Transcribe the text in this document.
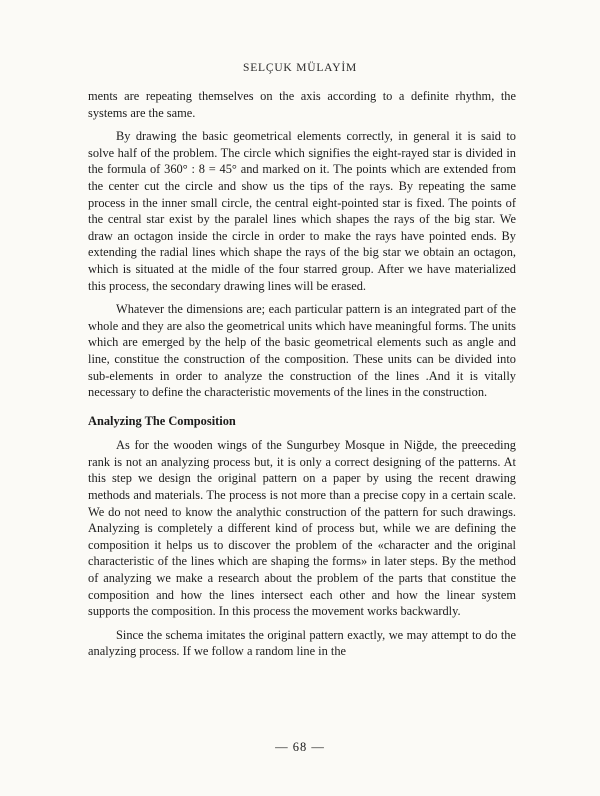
SELÇUK MÜLAYİM

ments are repeating themselves on the axis according to a definite rhythm, the systems are the same.

By drawing the basic geometrical elements correctly, in general it is said to solve half of the problem. The circle which signifies the eight-rayed star is divided in the formula of 360° : 8 = 45° and marked on it. The points which are extended from the center cut the circle and show us the tips of the rays. By repeating the same process in the inner small circle, the central eight-pointed star is fixed. The points of the central star exist by the paralel lines which shapes the rays of the big star. We draw an octagon inside the circle in order to make the rays have pointed ends. By extending the radial lines which shape the rays of the big star we obtain an octagon, which is situated at the midle of the four starred group. After we have materialized this process, the secondary drawing lines will be erased.

Whatever the dimensions are; each particular pattern is an integrated part of the whole and they are also the geometrical units which have meaningful forms. The units which are emerged by the help of the basic geometrical elements such as angle and line, constitue the construction of the composition. These units can be divided into sub-elements in order to analyze the construction of the lines .And it is vitally necessary to define the characteristic movements of the lines in the construction.

Analyzing The Composition

As for the wooden wings of the Sungurbey Mosque in Niğde, the preeceding rank is not an analyzing process but, it is only a correct designing of the patterns. At this step we design the original pattern on a paper by using the recent drawing methods and materials. The process is not more than a precise copy in a certain scale. We do not need to know the analythic construction of the pattern for such drawings. Analyzing is completely a different kind of process but, while we are defining the composition it helps us to discover the problem of the «character and the original characteristic of the lines which are shaping the forms» in later steps. By the method of analyzing we make a research about the problem of the parts that constitue the composition and how the lines intersect each other and how the linear system supports the composition. In this process the movement works backwardly.

Since the schema imitates the original pattern exactly, we may attempt to do the analyzing process. If we follow a random line in the

— 68 —
